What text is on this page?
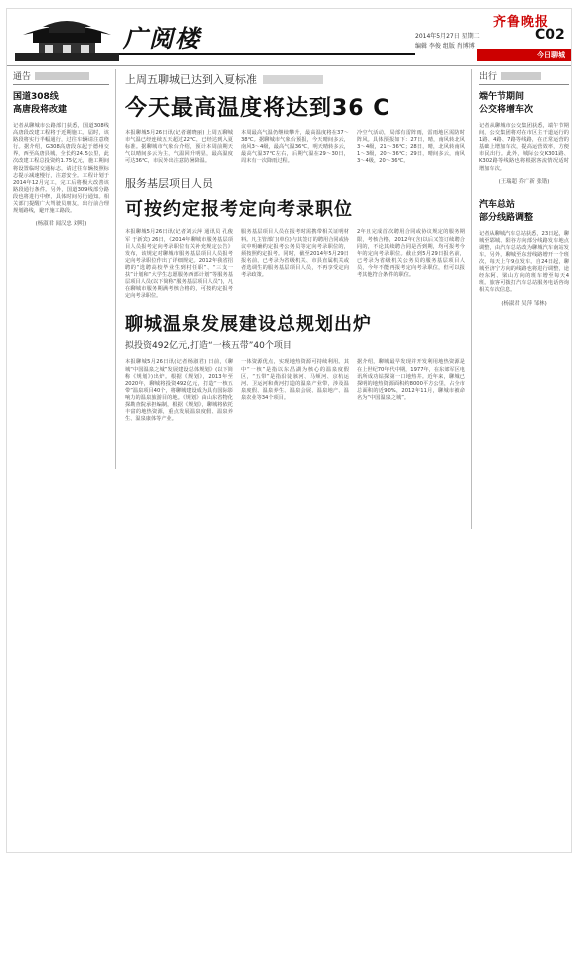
广阅楼
齐鲁晚报
2014年5月27日 星期二
编辑 李俊 组版 肖博博
C02
今日聊城
通告
国道308线
高唐段将改建
记者从聊城市公路部门获悉，国道308线高唐段改建工程将于近期施工。届时，该路段将实行半幅通行，过往车辆请注意绕行。据介绍，G308高唐段东起于德州交界，西至高唐县城，全长约24.5公里，此次改建工程总投资约1.75亿元，施工期间将设置临时交通标志，请过往车辆按照标志提示减速慢行，注意安全。工程计划于2014年12月完工，完工后将极大改善该路段通行条件。另外，国道309线部分路段也将进行中修，具体时间另行通知。相关部门提醒广大驾驶员朋友，出行前合理规划路线，避开施工路段。
(杨淑君 闻汉忠 刘明)
上周五聊城已达到入夏标准
今天最高温度将达到36 C
本报聊城5月26日讯(记者谢晓丽) 上周五聊城市气温已经连续五天超过22℃，已经达到入夏标准。据聊城市气象台介绍，预计本周前期天气以晴间多云为主，气温回升明显，最高温度可达36℃，市民外出注意防暑降温。
本周最高气温仍继续攀升，最高温度将在37～38℃。据聊城市气象台预报，今天晴间多云，南风3～4级，最高气温36℃，明天晴转多云，最高气温37℃左右，后期气温在29～30日，周末有一次降雨过程。
冷空气活动，局部有雷阵雨，雷雨地区需防时阵风。具体预报如下：27日，晴，南风转北风3～4级，21～36℃；28日，晴，北风转南风1～3级，20～36℃；29日，晴间多云，南风3～4级，20～36℃。
服务基层项目人员
可按约定报考定向考录职位
本报聊城5月26日讯(记者刘云萍 通讯员 孔俊军 于新宾) 26日，《2014年聊城市服务基层项目人员报考定向考录职位有关补充规定公告》发布，该规定对聊城市服务基层项目人员报考定向考录职位作出了详细规定。2012年我省招聘的“选聘高校毕业生到村任职”、“三支一扶”计划和“大学生志愿服务西部计划”等服务基层项目人员(以下简称“服务基层项目人员”)，凡在聊城市服务期满考核合格的，可按约定报考定向考录职位。
服务基层项目人员在报考时需携带相关证明材料。凡主管部门(单位)与其签订的聘用合同或协议中明确约定报考公务员等定向考录职位的，须按照约定报考。同时，截至2014年5月29日报名前，已考录为省级机关、市县直属机关或者选调生的服务基层项目人员，不再享受定向考录政策。
2年且完成首次聘用合同或协议规定的服务期限，考核合格，2012年(含)以后又签订续聘合同的，不论其续聘合同是否到期，均可报考今年的定向考录职位。截止到5月29日报名前，已考录为省级机关公务员的服务基层项目人员，今年不能再报考定向考录职位，但可以报考其他符合条件的职位。
聊城温泉发展建设总规划出炉
拟投资492亿元,打造“一核五带”40个项目
本报聊城5月26日讯(记者杨淑君) 日前，《聊城“中国温泉之城”发展建设总体规划》(以下简称《规划》)出炉。根据《规划》，2013年至2020年，聊城将投资492亿元，打造“一核五带”温泉项目40个，将聊城建设成为具有国际影响力的温泉旅游目的地。《规划》由山东省物化探勘查院承担编制，根据《规划》，聊城将依托丰富的地热资源，重点发展温泉度假、温泉养生、温泉康体等产业。
一体资源优点，实现地热资源可持续利用。其中“一核”是指以东昌湖为核心的温泉度假区，“五带”是指沿徒骇河、马颊河、京杭运河、卫运河和黄河打造的温泉产业带，涉及温泉度假、温泉养生、温泉会展、温泉地产、温泉农业等34个项目。
据介绍，聊城最早发现并开发利用地热资源是在上世纪70年代中期，1977年，在东郊军区电讯所成功钻探第一口地热井。近年来，聊城已探明的地热资源面积约8000平方公里，占全市总面积的近90%，2012年11月，聊城市被命名为“中国温泉之城”。
出行
端午节期间
公交将增车次
记者从聊城市公交集团获悉，端午节期间，公交集团将对在市区主干道运行的1路、4路、7路等线路，在正常运营的基础上增加车次，提高运营效率，方便市民出行。此外，城际公交K301路、K302路等线路也将根据客流情况适时增加车次。
(王瑞超 乔广新 张锴)
汽车总站
部分线路调整
记者从聊城汽车总站获悉，23日起，聊城至郓城、阳谷方向部分线路发车地点调整，由汽车总站改为聊城汽车南站发车。另外，聊城至东营线路增开一个班次，每天上午9点发车。自24日起，聊城至济宁方向的线路也将进行调整，途经东阿、梁山方向的班车增至每天4班。旅客可拨打汽车总站服务电话咨询相关车次信息。
(杨淑君 吴萍 邹林)
